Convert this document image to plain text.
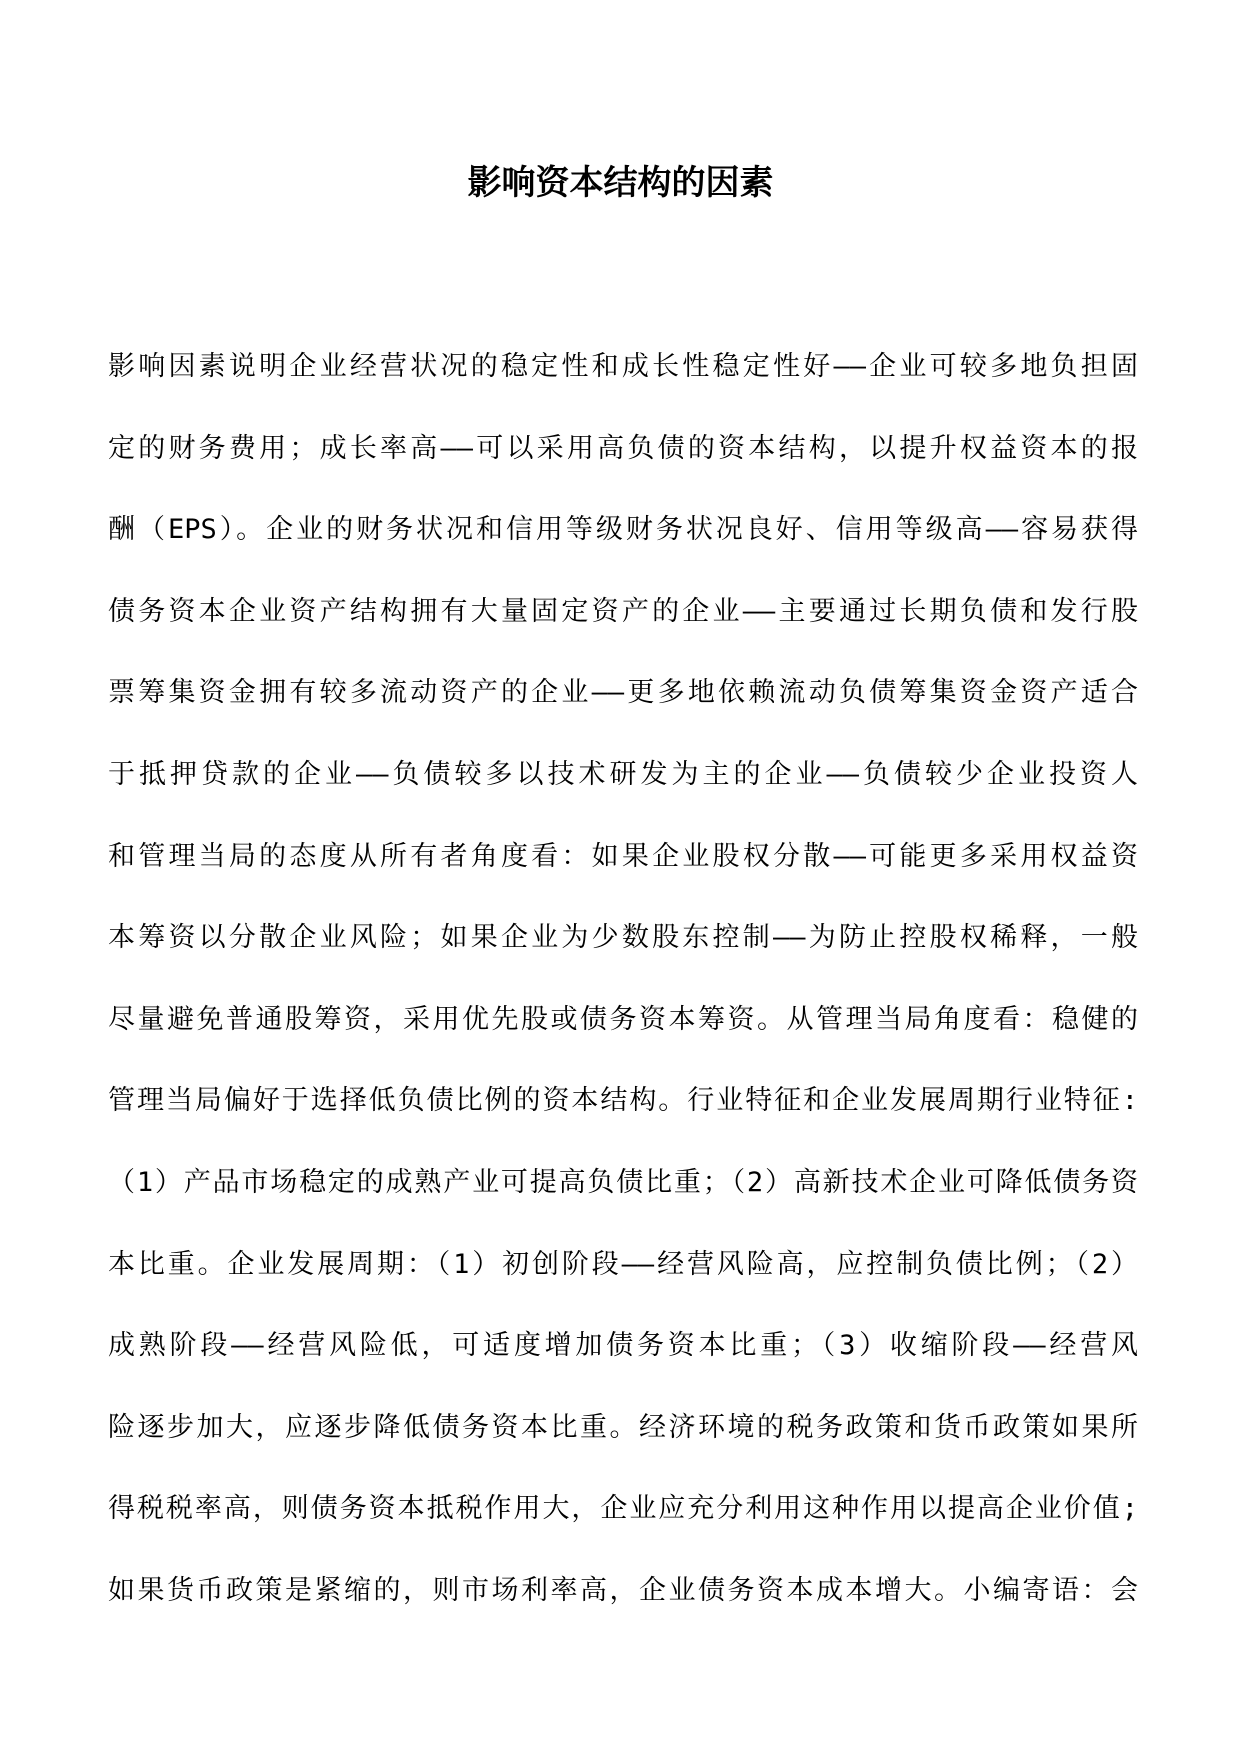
影响资本结构的因素
影响因素说明企业经营状况的稳定性和成长性稳定性好——企业可较多地负担固
定的财务费用；成长率高——可以采用高负债的资本结构，以提升权益资本的报
酬（EPS）。企业的财务状况和信用等级财务状况良好、信用等级高——容易获得
债务资本企业资产结构拥有大量固定资产的企业——主要通过长期负债和发行股
票筹集资金拥有较多流动资产的企业——更多地依赖流动负债筹集资金资产适合
于抵押贷款的企业——负债较多以技术研发为主的企业——负债较少企业投资人
和管理当局的态度从所有者角度看：如果企业股权分散——可能更多采用权益资
本筹资以分散企业风险；如果企业为少数股东控制——为防止控股权稀释，一般
尽量避免普通股筹资，采用优先股或债务资本筹资。从管理当局角度看：稳健的
管理当局偏好于选择低负债比例的资本结构。行业特征和企业发展周期行业特征:
（1）产品市场稳定的成熟产业可提高负债比重；（2）高新技术企业可降低债务资
本比重。企业发展周期：（1）初创阶段——经营风险高，应控制负债比例；（2）
成熟阶段——经营风险低，可适度增加债务资本比重；（3）收缩阶段——经营风
险逐步加大，应逐步降低债务资本比重。经济环境的税务政策和货币政策如果所
得税税率高，则债务资本抵税作用大，企业应充分利用这种作用以提高企业价值;
如果货币政策是紧缩的，则市场利率高，企业债务资本成本增大。小编寄语：会
